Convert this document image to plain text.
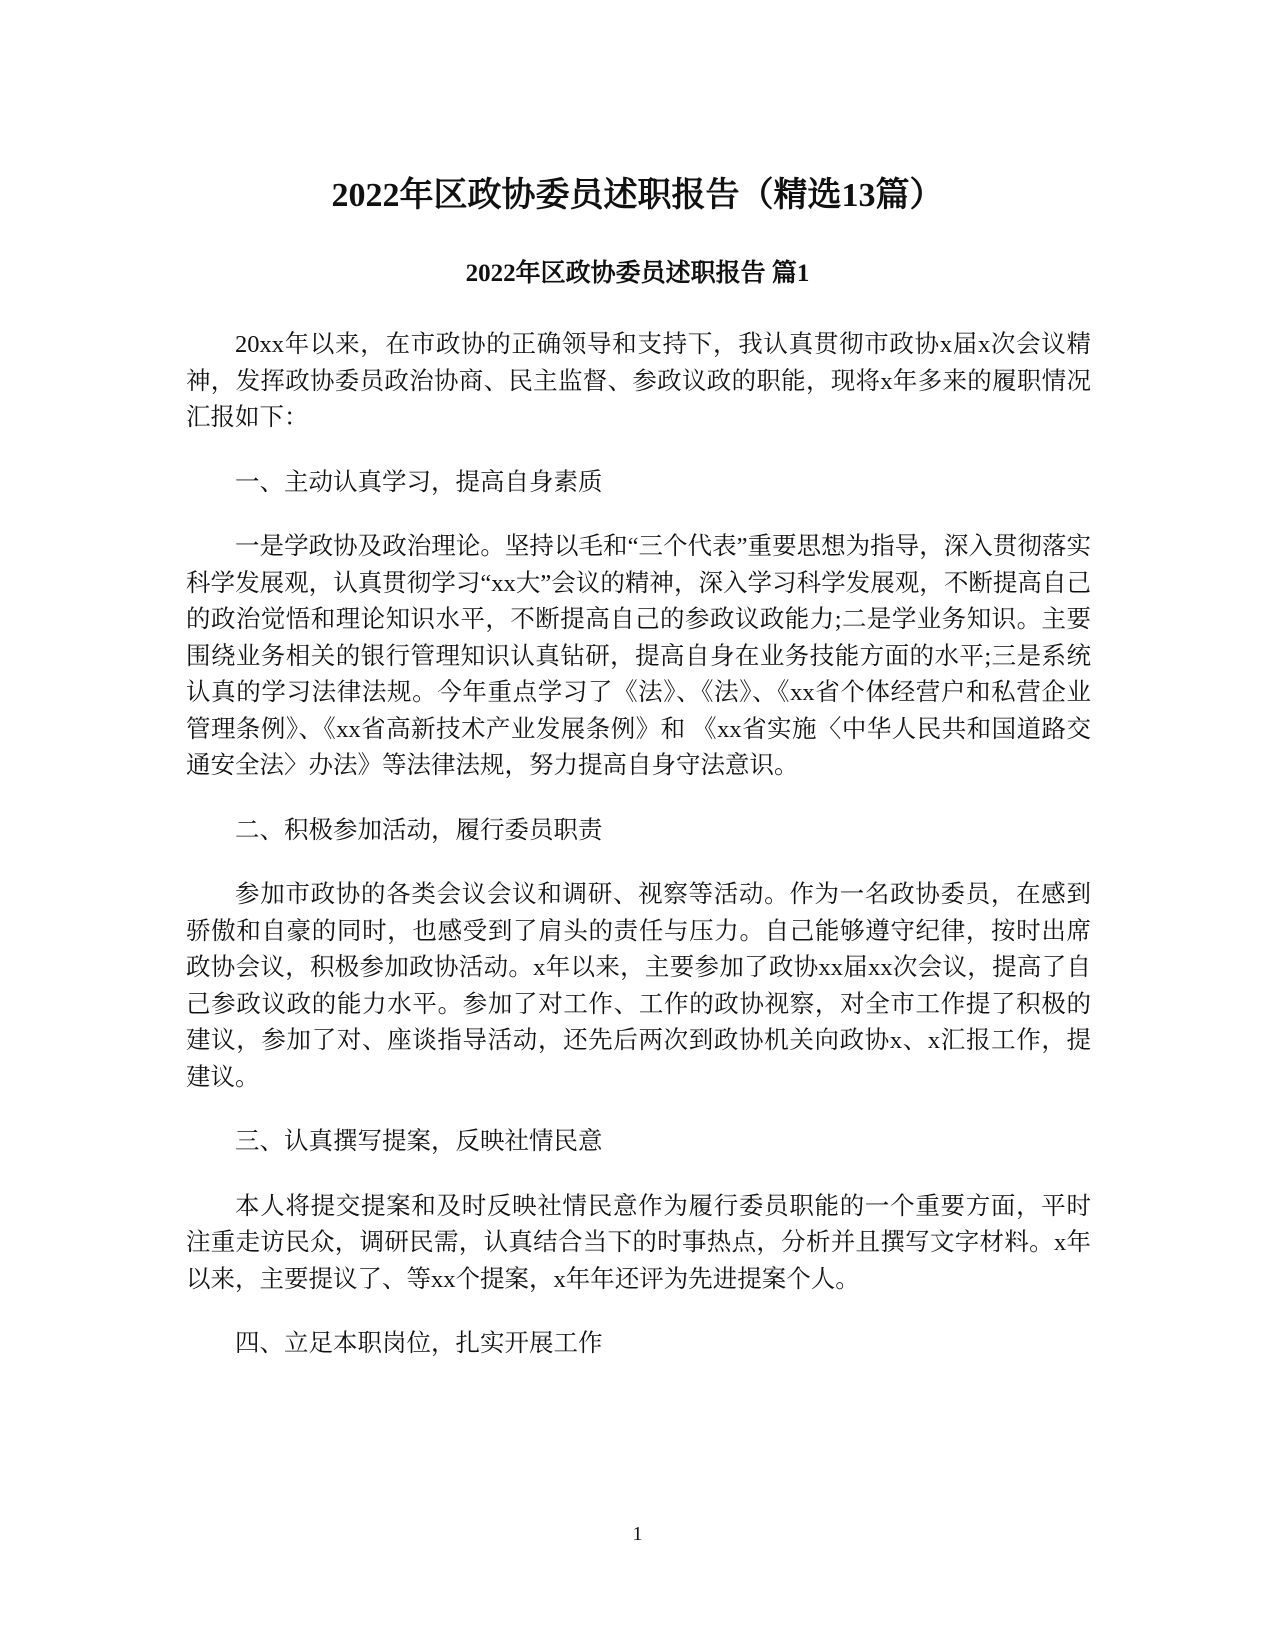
2022年区政协委员述职报告（精选13篇）
2022年区政协委员述职报告 篇1

20xx年以来，在市政协的正确领导和支持下，我认真贯彻市政协x届x次会议精神，发挥政协委员政治协商、民主监督、参政议政的职能，现将x年多来的履职情况汇报如下：

一、主动认真学习，提高自身素质

一是学政协及政治理论。坚持以毛和“三个代表”重要思想为指导，深入贯彻落实科学发展观，认真贯彻学习“xx大”会议的精神，深入学习科学发展观，不断提高自己的政治觉悟和理论知识水平，不断提高自己的参政议政能力;二是学业务知识。主要围绕业务相关的银行管理知识认真钻研，提高自身在业务技能方面的水平;三是系统认真的学习法律法规。今年重点学习了《法》、《法》、《xx省个体经营户和私营企业管理条例》、《xx省高新技术产业发展条例》和 《xx省实施〈中华人民共和国道路交通安全法〉办法》等法律法规，努力提高自身守法意识。

二、积极参加活动，履行委员职责

参加市政协的各类会议会议和调研、视察等活动。作为一名政协委员，在感到骄傲和自豪的同时，也感受到了肩头的责任与压力。自己能够遵守纪律，按时出席政协会议，积极参加政协活动。x年以来，主要参加了政协xx届xx次会议，提高了自己参政议政的能力水平。参加了对工作、工作的政协视察，对全市工作提了积极的建议，参加了对、座谈指导活动，还先后两次到政协机关向政协x、x汇报工作，提建议。

三、认真撰写提案，反映社情民意

本人将提交提案和及时反映社情民意作为履行委员职能的一个重要方面，平时注重走访民众，调研民需，认真结合当下的时事热点，分析并且撰写文字材料。x年以来，主要提议了、等xx个提案，x年年还评为先进提案个人。

四、立足本职岗位，扎实开展工作

1
